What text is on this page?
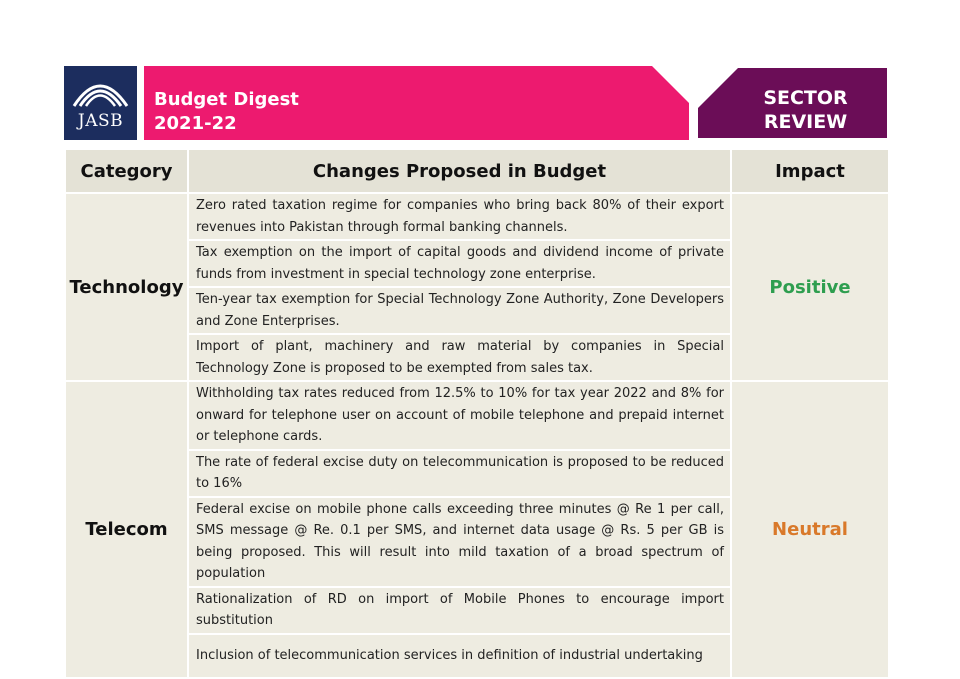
JASB
Budget Digest
2021-22
SECTOR
REVIEW
Category	Changes Proposed in Budget	Impact
Technology	Zero rated taxation regime for companies who bring back 80% of their export revenues into Pakistan through formal banking channels.	Positive
	Tax exemption on the import of capital goods and dividend income of private funds from investment in special technology zone enterprise.	
	Ten-year tax exemption for Special Technology Zone Authority, Zone Developers and Zone Enterprises.	
	Import of plant, machinery and raw material by companies in Special Technology Zone is proposed to be exempted from sales tax.	
Telecom	Withholding tax rates reduced from 12.5% to 10% for tax year 2022 and 8% for onward for telephone user on account of mobile telephone and prepaid internet or telephone cards.	Neutral
	The rate of federal excise duty on telecommunication is proposed to be reduced to 16%	
	Federal excise on mobile phone calls exceeding three minutes @ Re 1 per call, SMS message @ Re. 0.1 per SMS, and internet data usage @ Rs. 5 per GB is being proposed. This will result into mild taxation of a broad spectrum of population	
	Rationalization of RD on import of Mobile Phones to encourage import substitution	
	Inclusion of telecommunication services in definition of industrial undertaking	
